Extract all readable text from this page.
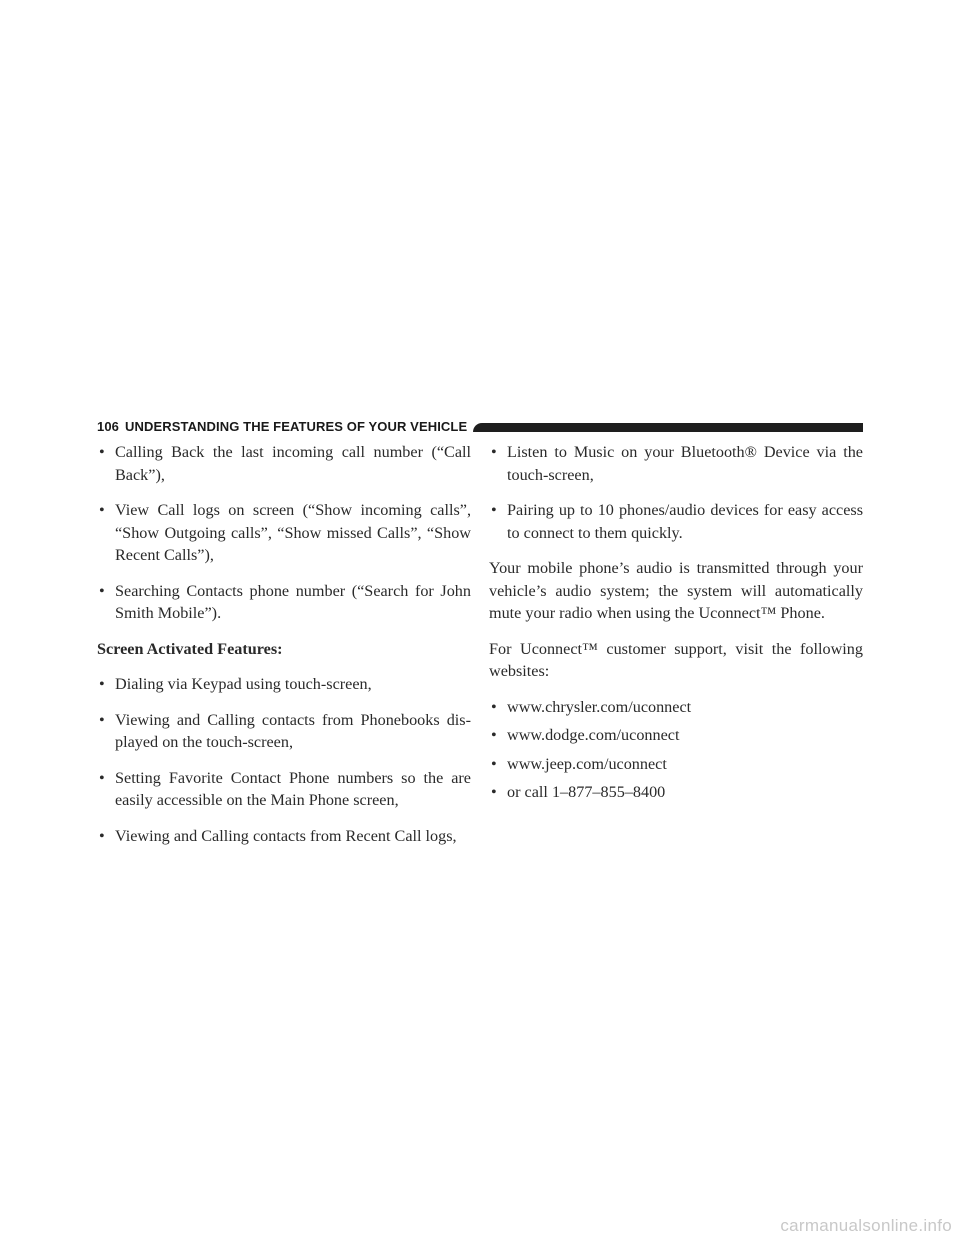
106 UNDERSTANDING THE FEATURES OF YOUR VEHICLE
• Calling Back the last incoming call number (“Call Back”),
• View Call logs on screen (“Show incoming calls”, “Show Outgoing calls”, “Show missed Calls”, “Show Recent Calls”),
• Searching Contacts phone number (“Search for John Smith Mobile”).
Screen Activated Features:
• Dialing via Keypad using touch-screen,
• Viewing and Calling contacts from Phonebooks dis-played on the touch-screen,
• Setting Favorite Contact Phone numbers so the are easily accessible on the Main Phone screen,
• Viewing and Calling contacts from Recent Call logs,
• Listen to Music on your Bluetooth® Device via the touch-screen,
• Pairing up to 10 phones/audio devices for easy access to connect to them quickly.
Your mobile phone’s audio is transmitted through your vehicle’s audio system; the system will automatically mute your radio when using the Uconnect™ Phone.
For Uconnect™ customer support, visit the following websites:
• www.chrysler.com/uconnect
• www.dodge.com/uconnect
• www.jeep.com/uconnect
• or call 1–877–855–8400
carmanualsonline.info
